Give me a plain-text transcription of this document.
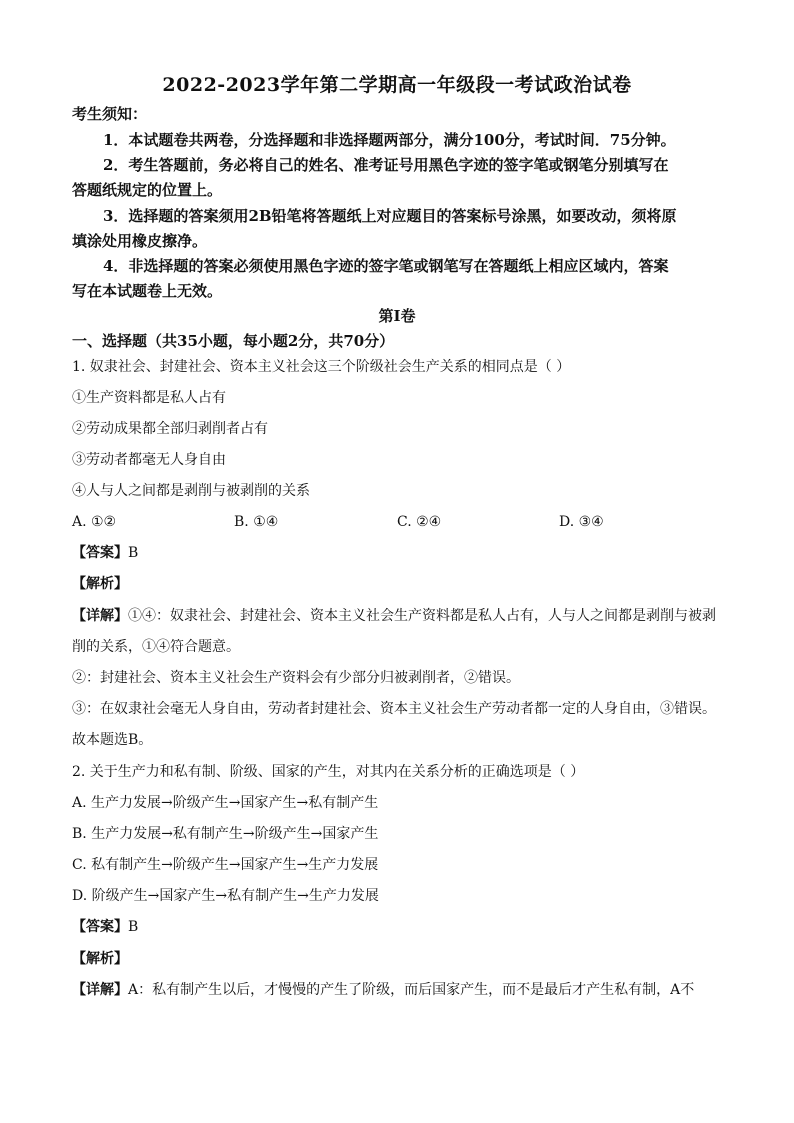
2022-2023学年第二学期高一年级段一考试政治试卷
考生须知：
1．本试题卷共两卷，分选择题和非选择题两部分，满分100分，考试时间．75分钟。
2．考生答题前，务必将自己的姓名、准考证号用黑色字迹的签字笔或钢笔分别填写在
答题纸规定的位置上。
3．选择题的答案须用2B铅笔将答题纸上对应题目的答案标号涂黑，如要改动，须将原
填涂处用橡皮擦净。
4．非选择题的答案必须使用黑色字迹的签字笔或钢笔写在答题纸上相应区域内，答案
写在本试题卷上无效。
第I卷
一、选择题（共35小题，每小题2分，共70分）
1. 奴隶社会、封建社会、资本主义社会这三个阶级社会生产关系的相同点是（ ）
①生产资料都是私人占有
②劳动成果都全部归剥削者占有
③劳动者都毫无人身自由
④人与人之间都是剥削与被剥削的关系
A. ①②	B. ①④	C. ②④	D. ③④
【答案】B
【解析】
【详解】①④：奴隶社会、封建社会、资本主义社会生产资料都是私人占有，人与人之间都是剥削与被剥
削的关系，①④符合题意。
②：封建社会、资本主义社会生产资料会有少部分归被剥削者，②错误。
③：在奴隶社会毫无人身自由，劳动者封建社会、资本主义社会生产劳动者都一定的人身自由，③错误。
故本题选B。
2. 关于生产力和私有制、阶级、国家的产生，对其内在关系分析的正确选项是（ ）
A. 生产力发展→阶级产生→国家产生→私有制产生
B. 生产力发展→私有制产生→阶级产生→国家产生
C. 私有制产生→阶级产生→国家产生→生产力发展
D. 阶级产生→国家产生→私有制产生→生产力发展
【答案】B
【解析】
【详解】A：私有制产生以后，才慢慢的产生了阶级，而后国家产生，而不是最后才产生私有制，A不
